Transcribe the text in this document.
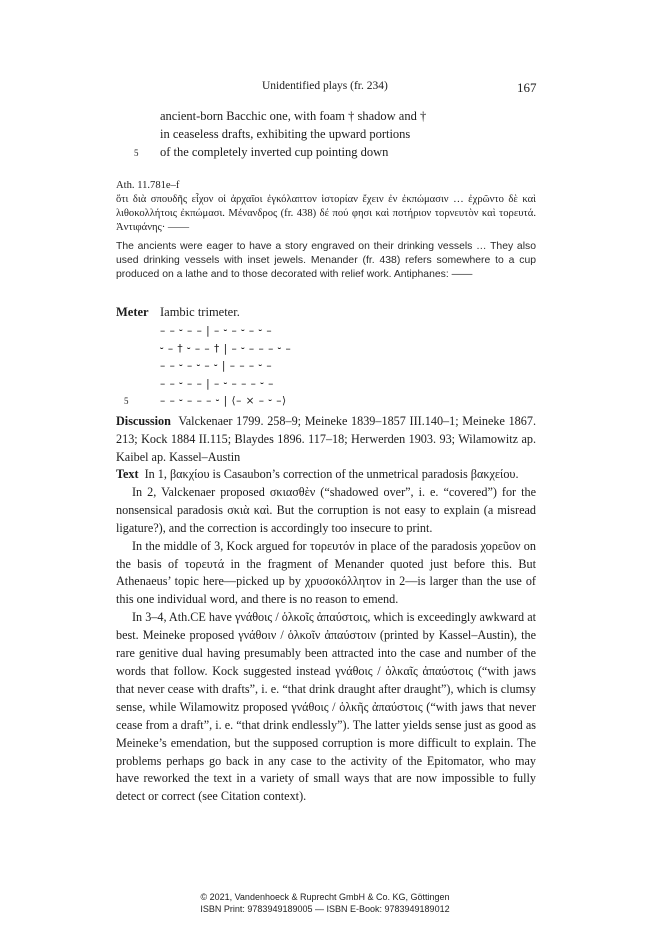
Unidentified plays (fr. 234)	167
ancient-born Bacchic one, with foam † shadow and †
in ceaseless drafts, exhibiting the upward portions
5 of the completely inverted cup pointing down
Ath. 11.781e–f
ὅτι διὰ σπουδῆς εἶχον οἱ ἀρχαῖοι ἐγκόλαπτον ἱστορίαν ἔχειν ἐν ἐκπώμασιν … ἐχρῶντο δὲ καὶ λιθοκολλήτοις ἐκπώμασι. Μένανδρος (fr. 438) δέ πού φησι καὶ ποτήριον τορνευτὸν καὶ τορευτά. Ἀντιφάνης· ——
The ancients were eager to have a story engraved on their drinking vessels … They also used drinking vessels with inset jewels. Menander (fr. 438) refers somewhere to a cup produced on a lathe and to those decorated with relief work. Antiphanes: ——
Meter Iambic trimeter.
– – ⏑ – – | – ⏑ – ⏑ – ⏑ –
⏑ – † ⏑ – – † | – ⏑ – – – ⏑ –
– – ⏑ – ⏑ – ⏑ | – – – ⏑ –
– – ⏑ – – | – ⏑ – – – ⏑ –
5	– – ⏑ – – – ⏑ | ⟨– × – ⏑ –⟩
Discussion Valckenaer 1799. 258–9; Meineke 1839–1857 III.140–1; Meineke 1867. 213; Kock 1884 II.115; Blaydes 1896. 117–18; Herwerden 1903. 93; Wilamowitz ap. Kaibel ap. Kassel–Austin
Text In 1, βακχίου is Casaubon’s correction of the unmetrical paradosis βακχείου.
In 2, Valckenaer proposed σκιασθὲν (“shadowed over”, i. e. “covered”) for the nonsensical paradosis σκιὰ καὶ. But the corruption is not easy to explain (a misread ligature?), and the correction is accordingly too insecure to print.
In the middle of 3, Kock argued for τορευτόν in place of the paradosis χορεῦον on the basis of τορευτά in the fragment of Menander quoted just before this. But Athenaeus’ topic here—picked up by χρυσοκόλλητον in 2—is larger than the use of this one individual word, and there is no reason to emend.
In 3–4, Ath.CE have γνάθοις / ὁλκοῖς ἀπαύστοις, which is exceedingly awkward at best. Meineke proposed γνάθοιν / ὁλκοῖν ἀπαύστοιν (printed by Kassel–Austin), the rare genitive dual having presumably been attracted into the case and number of the words that follow. Kock suggested instead γνάθοις / ὁλκαῖς ἀπαύστοις (“with jaws that never cease with drafts”, i. e. “that drink draught after draught”), which is clumsy sense, while Wilamowitz proposed γνάθοις / ὁλκῆς ἀπαύστοις (“with jaws that never cease from a draft”, i. e. “that drink endlessly”). The latter yields sense just as good as Meineke’s emendation, but the supposed corruption is more difficult to explain. The problems perhaps go back in any case to the activity of the Epitomator, who may have reworked the text in a variety of small ways that are now impossible to fully detect or correct (see Citation context).
© 2021, Vandenhoeck & Ruprecht GmbH & Co. KG, Göttingen
ISBN Print: 9783949189005 — ISBN E-Book: 9783949189012
